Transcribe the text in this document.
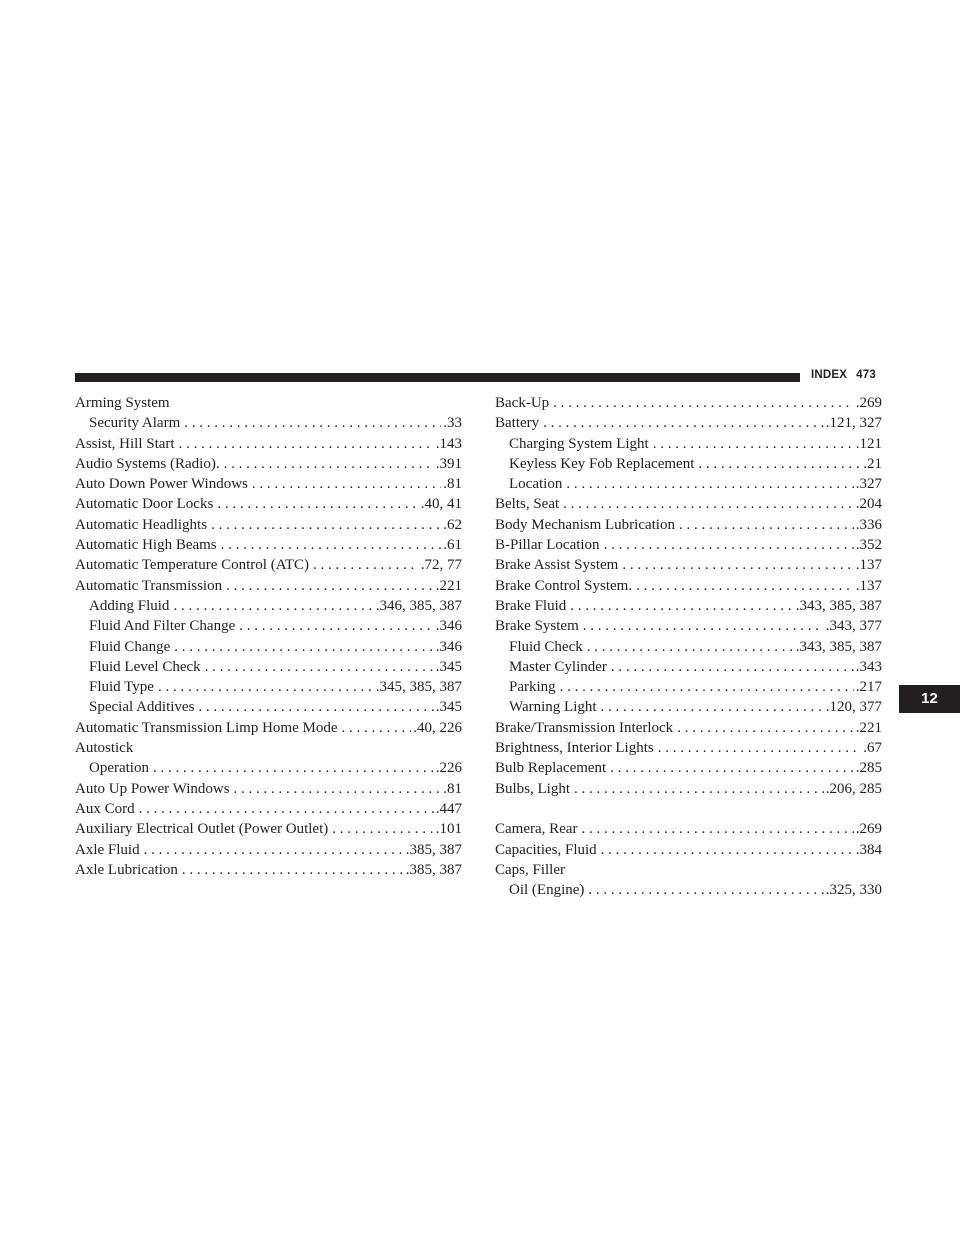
INDEX 473
Arming System
Security Alarm . . .	.33
Assist, Hill Start . . .	.143
Audio Systems (Radio). . . .	.391
Auto Down Power Windows . . .	.81
Automatic Door Locks . . .	.40, 41
Automatic Headlights . . .	.62
Automatic High Beams . . .	.61
Automatic Temperature Control (ATC) . . .	.72, 77
Automatic Transmission . . .	.221
Adding Fluid . . .	.346, 385, 387
Fluid And Filter Change . . .	.346
Fluid Change . . .	.346
Fluid Level Check . . .	.345
Fluid Type . . .	.345, 385, 387
Special Additives . . .	.345
Automatic Transmission Limp Home Mode . . .	.40, 226
Autostick
Operation . . .	.226
Auto Up Power Windows . . .	.81
Aux Cord . . .	.447
Auxiliary Electrical Outlet (Power Outlet) . . .	.101
Axle Fluid . . .	.385, 387
Axle Lubrication . . .	.385, 387
Back-Up . . .	.269
Battery . . .	.121, 327
Charging System Light . . .	.121
Keyless Key Fob Replacement . . .	.21
Location . . .	.327
Belts, Seat . . .	.204
Body Mechanism Lubrication . . .	.336
B-Pillar Location . . .	.352
Brake Assist System . . .	.137
Brake Control System. . . .	.137
Brake Fluid . . .	.343, 385, 387
Brake System . . .	.343, 377
Fluid Check . . .	.343, 385, 387
Master Cylinder . . .	.343
Parking . . .	.217
Warning Light . . .	.120, 377
Brake/Transmission Interlock . . .	.221
Brightness, Interior Lights . . .	.67
Bulb Replacement . . .	.285
Bulbs, Light . . .	.206, 285
Camera, Rear . . .	.269
Capacities, Fluid . . .	.384
Caps, Filler
Oil (Engine) . . .	.325, 330
12
